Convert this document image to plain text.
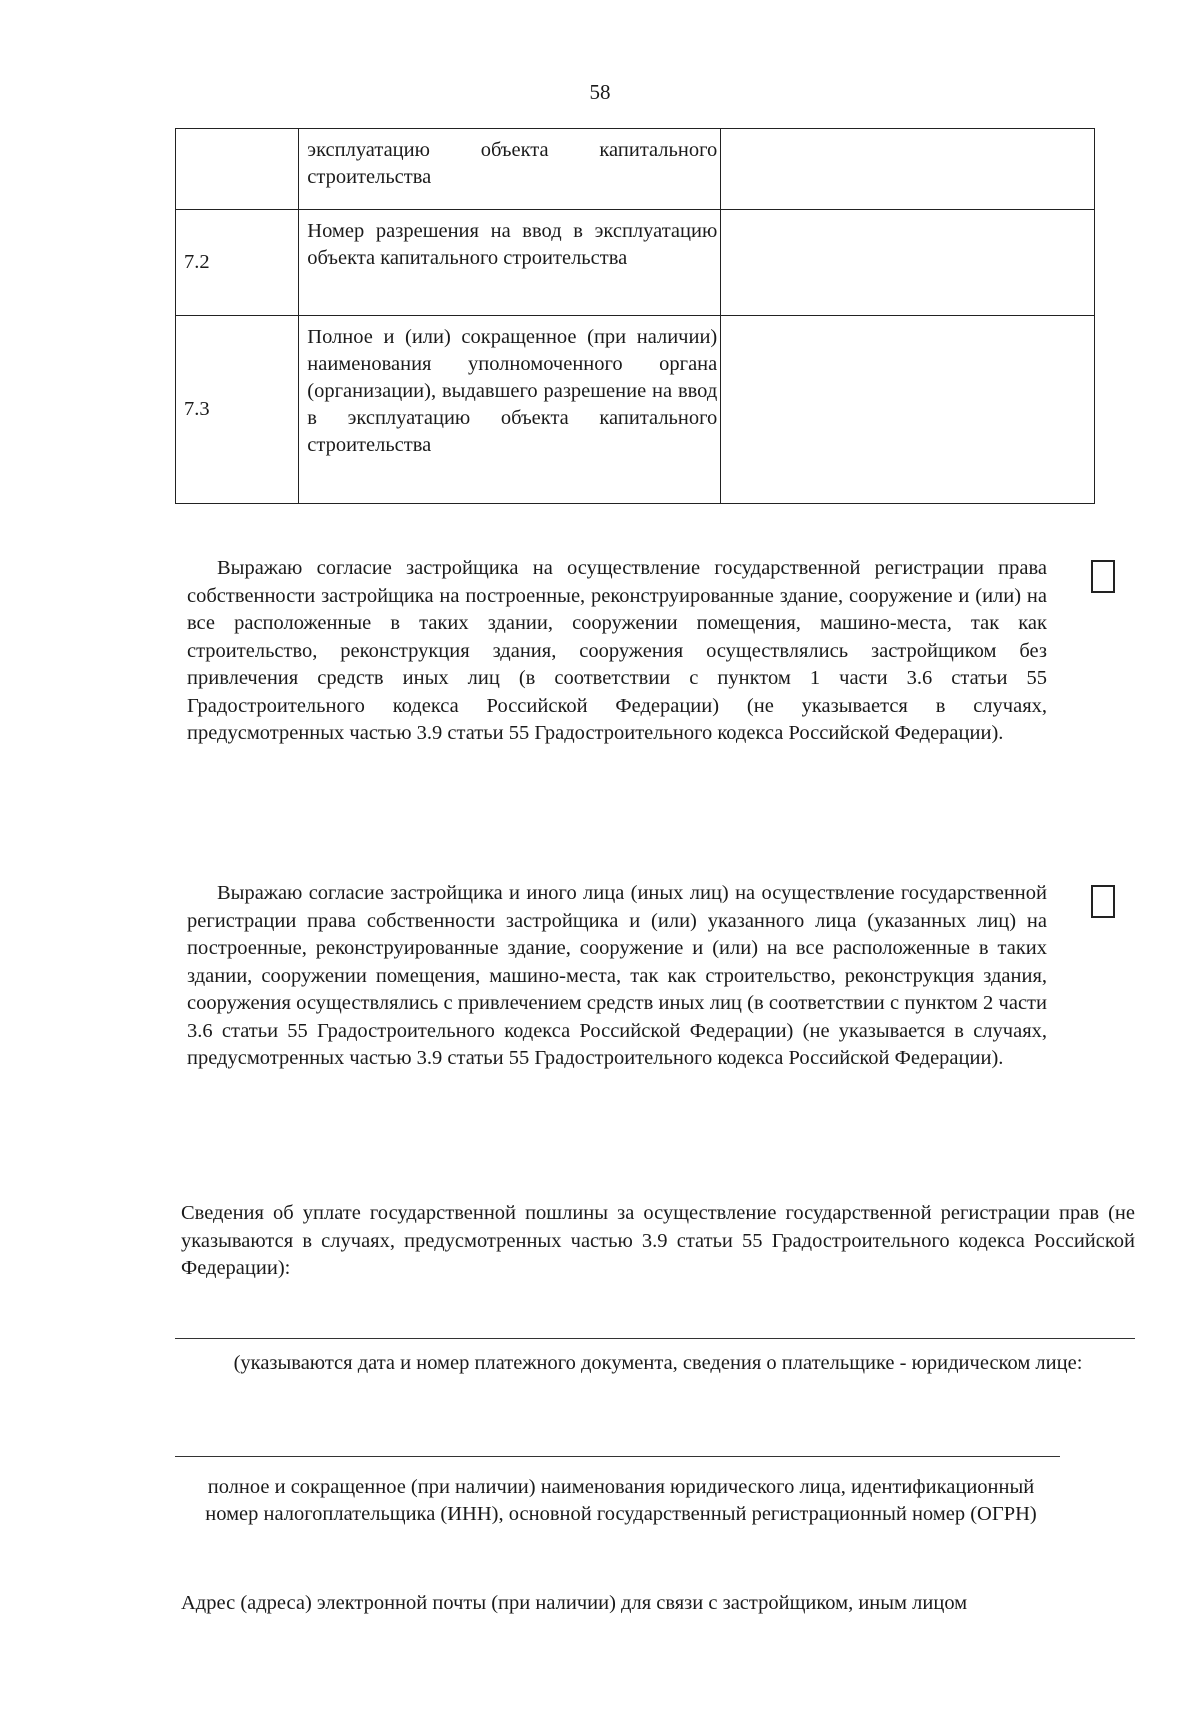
58
	эксплуатацию объекта капитального строительства	
7.2	Номер разрешения на ввод в эксплуатацию объекта капитального строительства	
7.3	Полное и (или) сокращенное (при наличии) наименования уполномоченного органа (организации), выдавшего разрешение на ввод в эксплуатацию объекта капитального строительства	
Выражаю согласие застройщика на осуществление государственной регистрации права собственности застройщика на построенные, реконструированные здание, сооружение и (или) на все расположенные в таких здании, сооружении помещения, машино-места, так как строительство, реконструкция здания, сооружения осуществлялись застройщиком без привлечения средств иных лиц (в соответствии с пунктом 1 части 3.6 статьи 55 Градостроительного кодекса Российской Федерации) (не указывается в случаях, предусмотренных частью 3.9 статьи 55 Градостроительного кодекса Российской Федерации).
Выражаю согласие застройщика и иного лица (иных лиц) на осуществление государственной регистрации права собственности застройщика и (или) указанного лица (указанных лиц) на построенные, реконструированные здание, сооружение и (или) на все расположенные в таких здании, сооружении помещения, машино-места, так как строительство, реконструкция здания, сооружения осуществлялись с привлечением средств иных лиц (в соответствии с пунктом 2 части 3.6 статьи 55 Градостроительного кодекса Российской Федерации) (не указывается в случаях, предусмотренных частью 3.9 статьи 55 Градостроительного кодекса Российской Федерации).
Сведения об уплате государственной пошлины за осуществление государственной регистрации прав (не указываются в случаях, предусмотренных частью 3.9 статьи 55 Градостроительного кодекса Российской Федерации):
(указываются дата и номер платежного документа, сведения о плательщике - юридическом лице:
полное и сокращенное (при наличии) наименования юридического лица, идентификационный номер налогоплательщика (ИНН), основной государственный регистрационный номер (ОГРН)
Адрес (адреса) электронной почты (при наличии) для связи с застройщиком, иным лицом
